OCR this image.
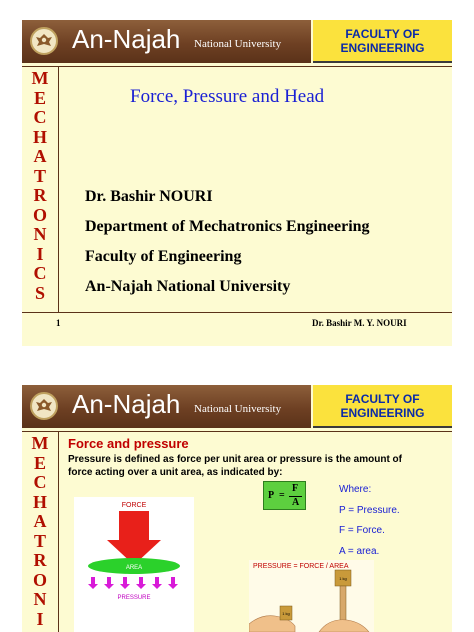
An-Najah National University
FACULTY OF
ENGINEERING
M
E
C
H
A
T
R
O
N
I
C
S
Force, Pressure and Head
Dr. Bashir NOURI
Department of Mechatronics Engineering
Faculty of Engineering
An-Najah National University
1	Dr. Bashir M. Y. NOURI
An-Najah National University
FACULTY OF
ENGINEERING
M
E
C
H
A
T
R
O
N
I
Force and pressure
Pressure is defined as force per unit area or pressure is the amount of force acting over a unit area, as indicated by:
P =
F
A
Where:
P = Pressure.
F = Force.
A = area.
FORCE
AREA
PRESSURE
PRESSURE = FORCE / AREA
1 kg
1 kg
